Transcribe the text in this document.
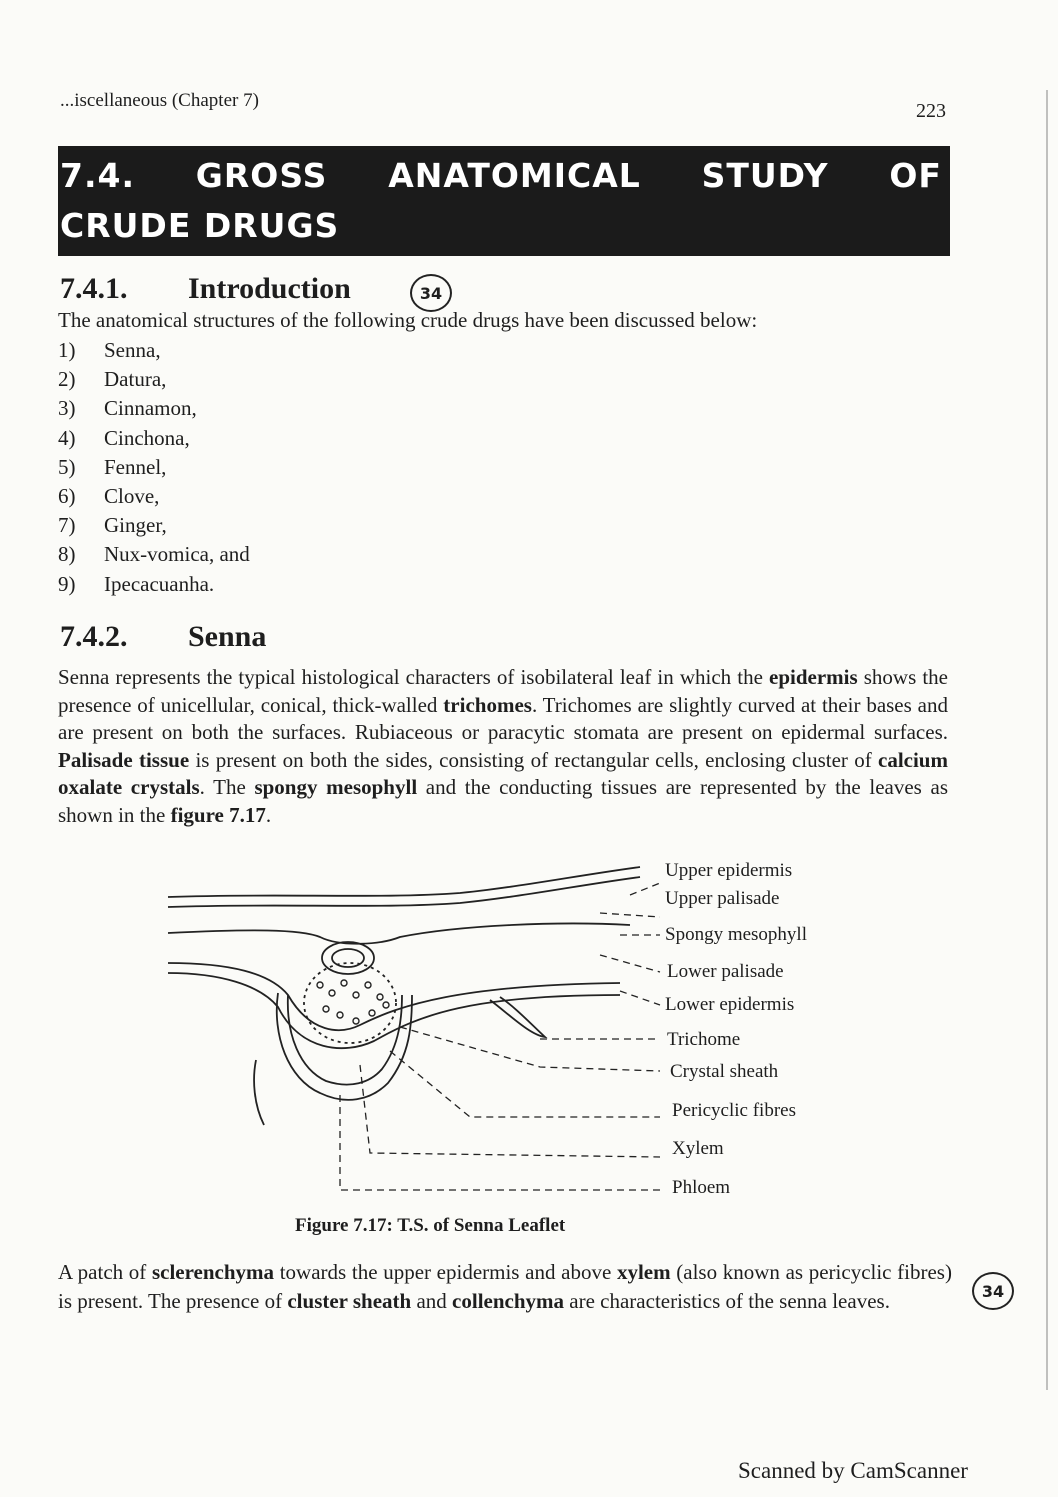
...iscellaneous (Chapter 7)	223
7.4. GROSS ANATOMICAL STUDY OF
CRUDE DRUGS
7.4.1. Introduction	34
The anatomical structures of the following crude drugs have been discussed below:
1)	Senna,
2)	Datura,
3)	Cinnamon,
4)	Cinchona,
5)	Fennel,
6)	Clove,
7)	Ginger,
8)	Nux-vomica, and
9)	Ipecacuanha.
7.4.2. Senna
Senna represents the typical histological characters of isobilateral leaf in which the epidermis shows the presence of unicellular, conical, thick-walled trichomes. Trichomes are slightly curved at their bases and are present on both the surfaces. Rubiaceous or paracytic stomata are present on epidermal surfaces. Palisade tissue is present on both the sides, consisting of rectangular cells, enclosing cluster of calcium oxalate crystals. The spongy mesophyll and the conducting tissues are represented by the leaves as shown in the figure 7.17.
Upper epidermis
Upper palisade
Spongy mesophyll
Lower palisade
Lower epidermis
Trichome
Crystal sheath
Pericyclic fibres
Xylem
Phloem
Figure 7.17: T.S. of Senna Leaflet
A patch of sclerenchyma towards the upper epidermis and above xylem (also known as pericyclic fibres) is present. The presence of cluster sheath and collenchyma are characteristics of the senna leaves.	34
Scanned by CamScanner
